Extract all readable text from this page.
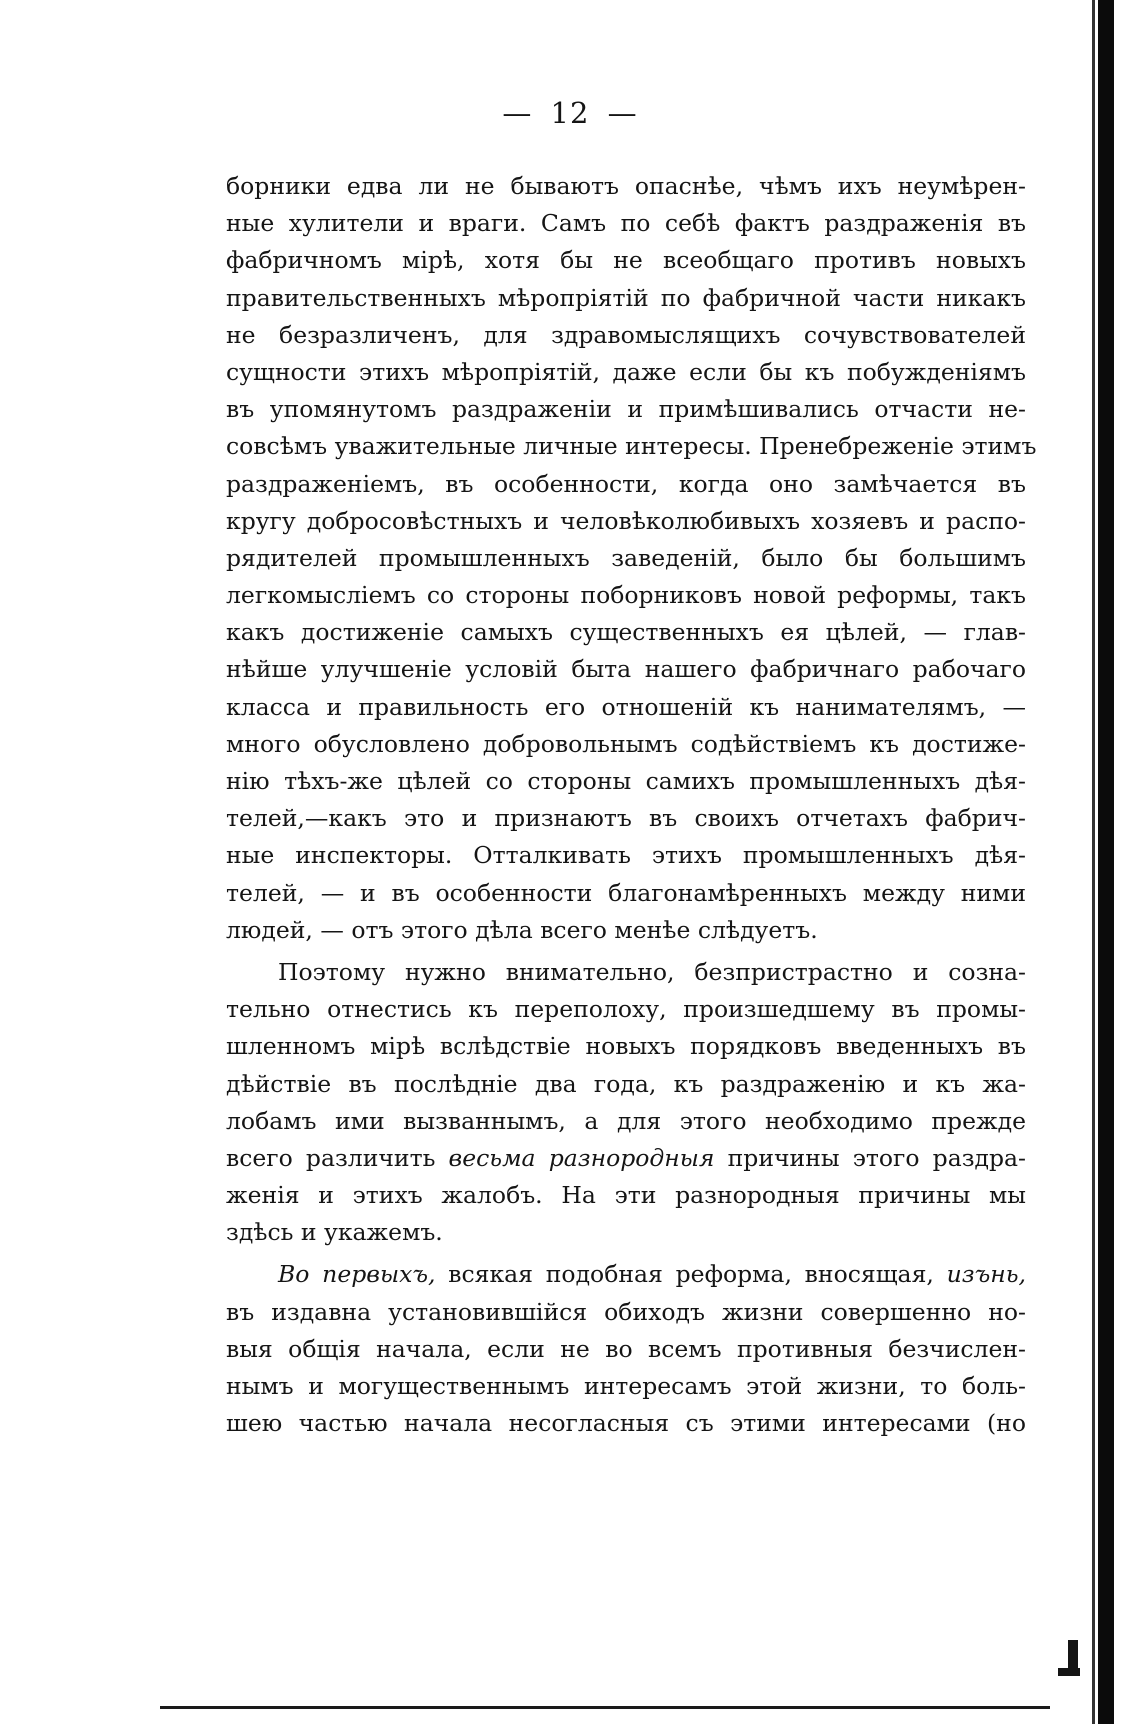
— 12 —
борники едва ли не бываютъ опаснѣе, чѣмъ ихъ неумѣрен-
ные хулители и враги. Самъ по себѣ фактъ раздраженія въ
фабричномъ мірѣ, хотя бы не всеобщаго противъ новыхъ
правительственныхъ мѣропріятій по фабричной части никакъ
не безразличенъ, для здравомыслящихъ сочувствователей
сущности этихъ мѣропріятій, даже если бы къ побужденіямъ
въ упомянутомъ раздраженіи и примѣшивались отчасти не-
совсѣмъ уважительные личные интересы. Пренебреженіе этимъ
раздраженіемъ, въ особенности, когда оно замѣчается въ
кругу добросовѣстныхъ и человѣколюбивыхъ хозяевъ и распо-
рядителей промышленныхъ заведеній, было бы большимъ
легкомысліемъ со стороны поборниковъ новой реформы, такъ
какъ достиженіе самыхъ существенныхъ ея цѣлей, — глав-
нѣйше улучшеніе условій быта нашего фабричнаго рабочаго
класса и правильность его отношеній къ нанимателямъ, —
много обусловлено добровольнымъ содѣйствіемъ къ достиже-
нію тѣхъ-же цѣлей со стороны самихъ промышленныхъ дѣя-
телей,—какъ это и признаютъ въ своихъ отчетахъ фабрич-
ные инспекторы. Отталкивать этихъ промышленныхъ дѣя-
телей, — и въ особенности благонамѣренныхъ между ними
людей, — отъ этого дѣла всего менѣе слѣдуетъ.
Поэтому нужно внимательно, безпристрастно и созна-
тельно отнестись къ переполоху, произшедшему въ промы-
шленномъ мірѣ вслѣдствіе новыхъ порядковъ введенныхъ въ
дѣйствіе въ послѣдніе два года, къ раздраженію и къ жа-
лобамъ ими вызваннымъ, а для этого необходимо прежде
всего различить весьма разнородныя причины этого раздра-
женія и этихъ жалобъ. На эти разнородныя причины мы
здѣсь и укажемъ.
Во первыхъ, всякая подобная реформа, вносящая, изънь,
въ издавна установившійся обиходъ жизни совершенно но-
выя общія начала, если не во всемъ противныя безчислен-
нымъ и могущественнымъ интересамъ этой жизни, то боль-
шею частью начала несогласныя съ этими интересами (но
